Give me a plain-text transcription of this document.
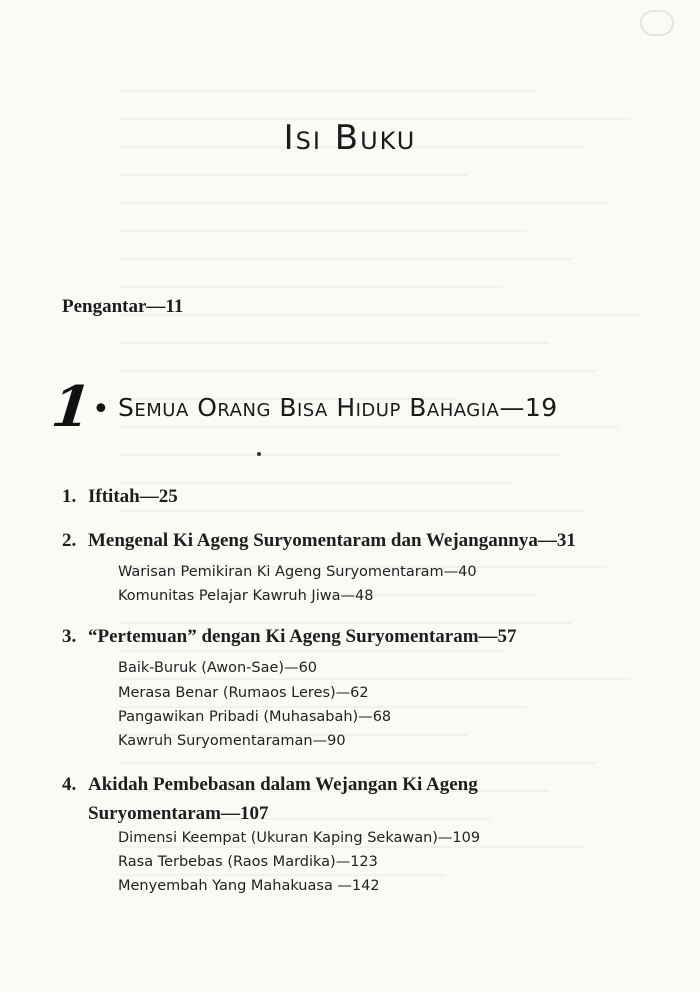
Isi Buku
Pengantar—11
1
• Semua Orang Bisa Hidup Bahagia—19
1. Iftitah—25
2. Mengenal Ki Ageng Suryomentaram dan Wejangannya—31
Warisan Pemikiran Ki Ageng Suryomentaram—40
Komunitas Pelajar Kawruh Jiwa—48
3. “Pertemuan” dengan Ki Ageng Suryomentaram—57
Baik-Buruk (Awon-Sae)—60
Merasa Benar (Rumaos Leres)—62
Pangawikan Pribadi (Muhasabah)—68
Kawruh Suryomentaraman—90
4. Akidah Pembebasan dalam Wejangan Ki Ageng Suryomentaram—107
Dimensi Keempat (Ukuran Kaping Sekawan)—109
Rasa Terbebas (Raos Mardika)—123
Menyembah Yang Mahakuasa —142
